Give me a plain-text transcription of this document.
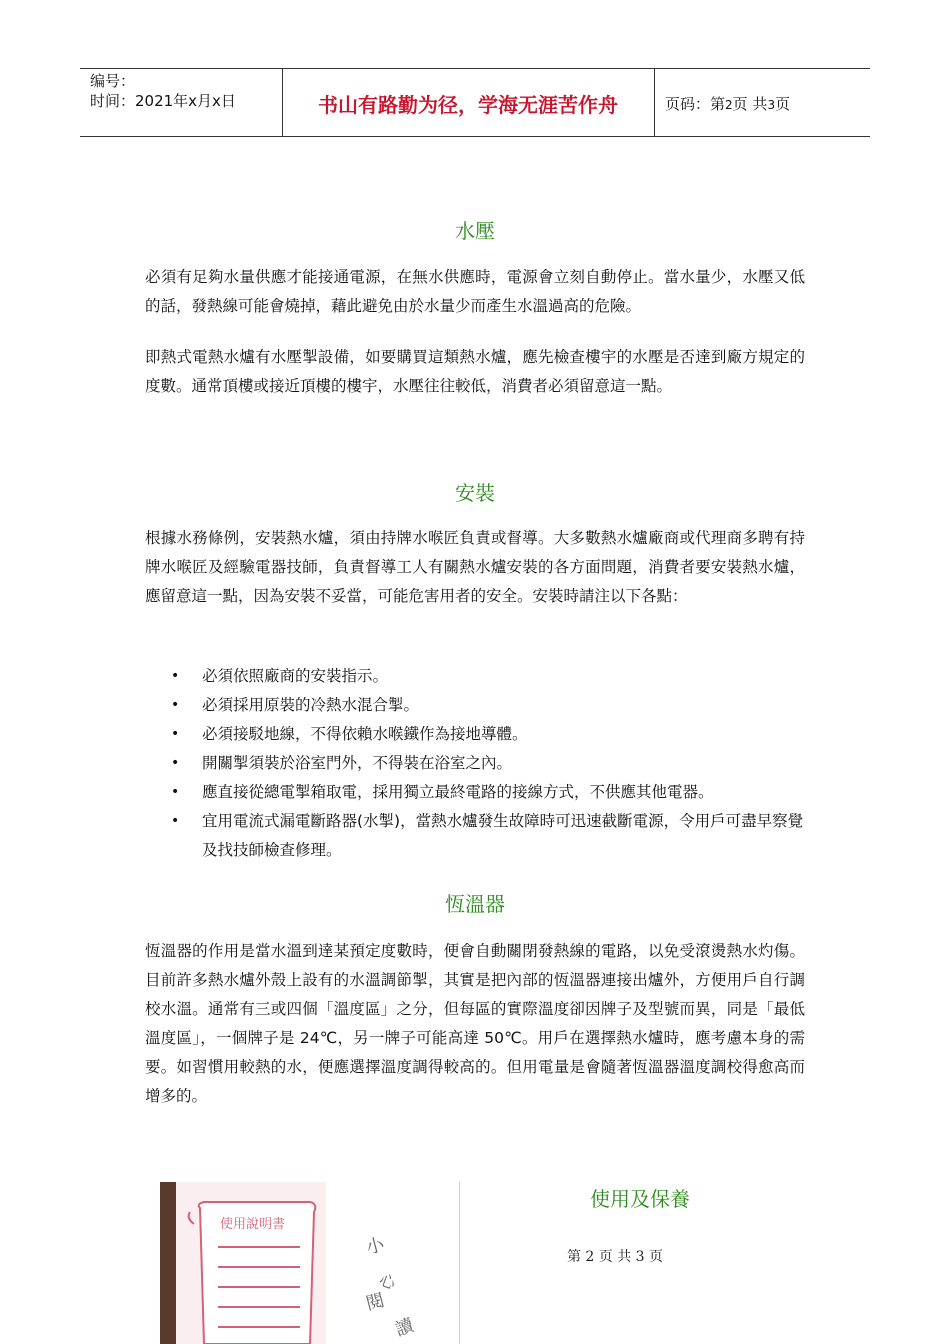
编号：
时间：2021年x月x日	书山有路勤为径，学海无涯苦作舟	页码：第2页 共3页
水壓

必須有足夠水量供應才能接通電源，在無水供應時，電源會立刻自動停止。當水量少，水壓又低的話，發熱線可能會燒掉，藉此避免由於水量少而產生水溫過高的危險。

即熱式電熱水爐有水壓掣設備，如要購買這類熱水爐，應先檢查樓宇的水壓是否達到廠方規定的度數。通常頂樓或接近頂樓的樓宇，水壓往往較低，消費者必須留意這一點。

安裝

根據水務條例，安裝熱水爐，須由持牌水喉匠負責或督導。大多數熱水爐廠商或代理商多聘有持牌水喉匠及經驗電器技師，負責督導工人有關熱水爐安裝的各方面問題，消費者要安裝熱水爐，應留意這一點，因為安裝不妥當，可能危害用者的安全。安裝時請注以下各點：

• 必須依照廠商的安裝指示。
• 必須採用原裝的冷熱水混合掣。
• 必須接駁地線，不得依賴水喉鐵作為接地導體。
• 開關掣須裝於浴室門外，不得裝在浴室之內。
• 應直接從總電掣箱取電，採用獨立最終電路的接線方式，不供應其他電器。
• 宜用電流式漏電斷路器(水掣)，當熱水爐發生故障時可迅速截斷電源，令用戶可盡早察覺及找技師檢查修理。
恆溫器

恆溫器的作用是當水溫到達某預定度數時，便會自動關閉發熱線的電路，以免受滾燙熱水灼傷。目前許多熱水爐外殼上設有的水溫調節掣，其實是把內部的恆溫器連接出爐外，方便用戶自行調校水溫。通常有三或四個「溫度區」之分，但每區的實際溫度卻因牌子及型號而異，同是「最低溫度區」，一個牌子是 24℃，另一牌子可能高達 50℃。用戶在選擇熱水爐時，應考慮本身的需要。如習慣用較熱的水，便應選擇溫度調得較高的。但用電量是會隨著恆溫器溫度調校得愈高而增多的。

使用說明書
小
心
閱
讀
使用及保養
第 2 页 共 3 页
